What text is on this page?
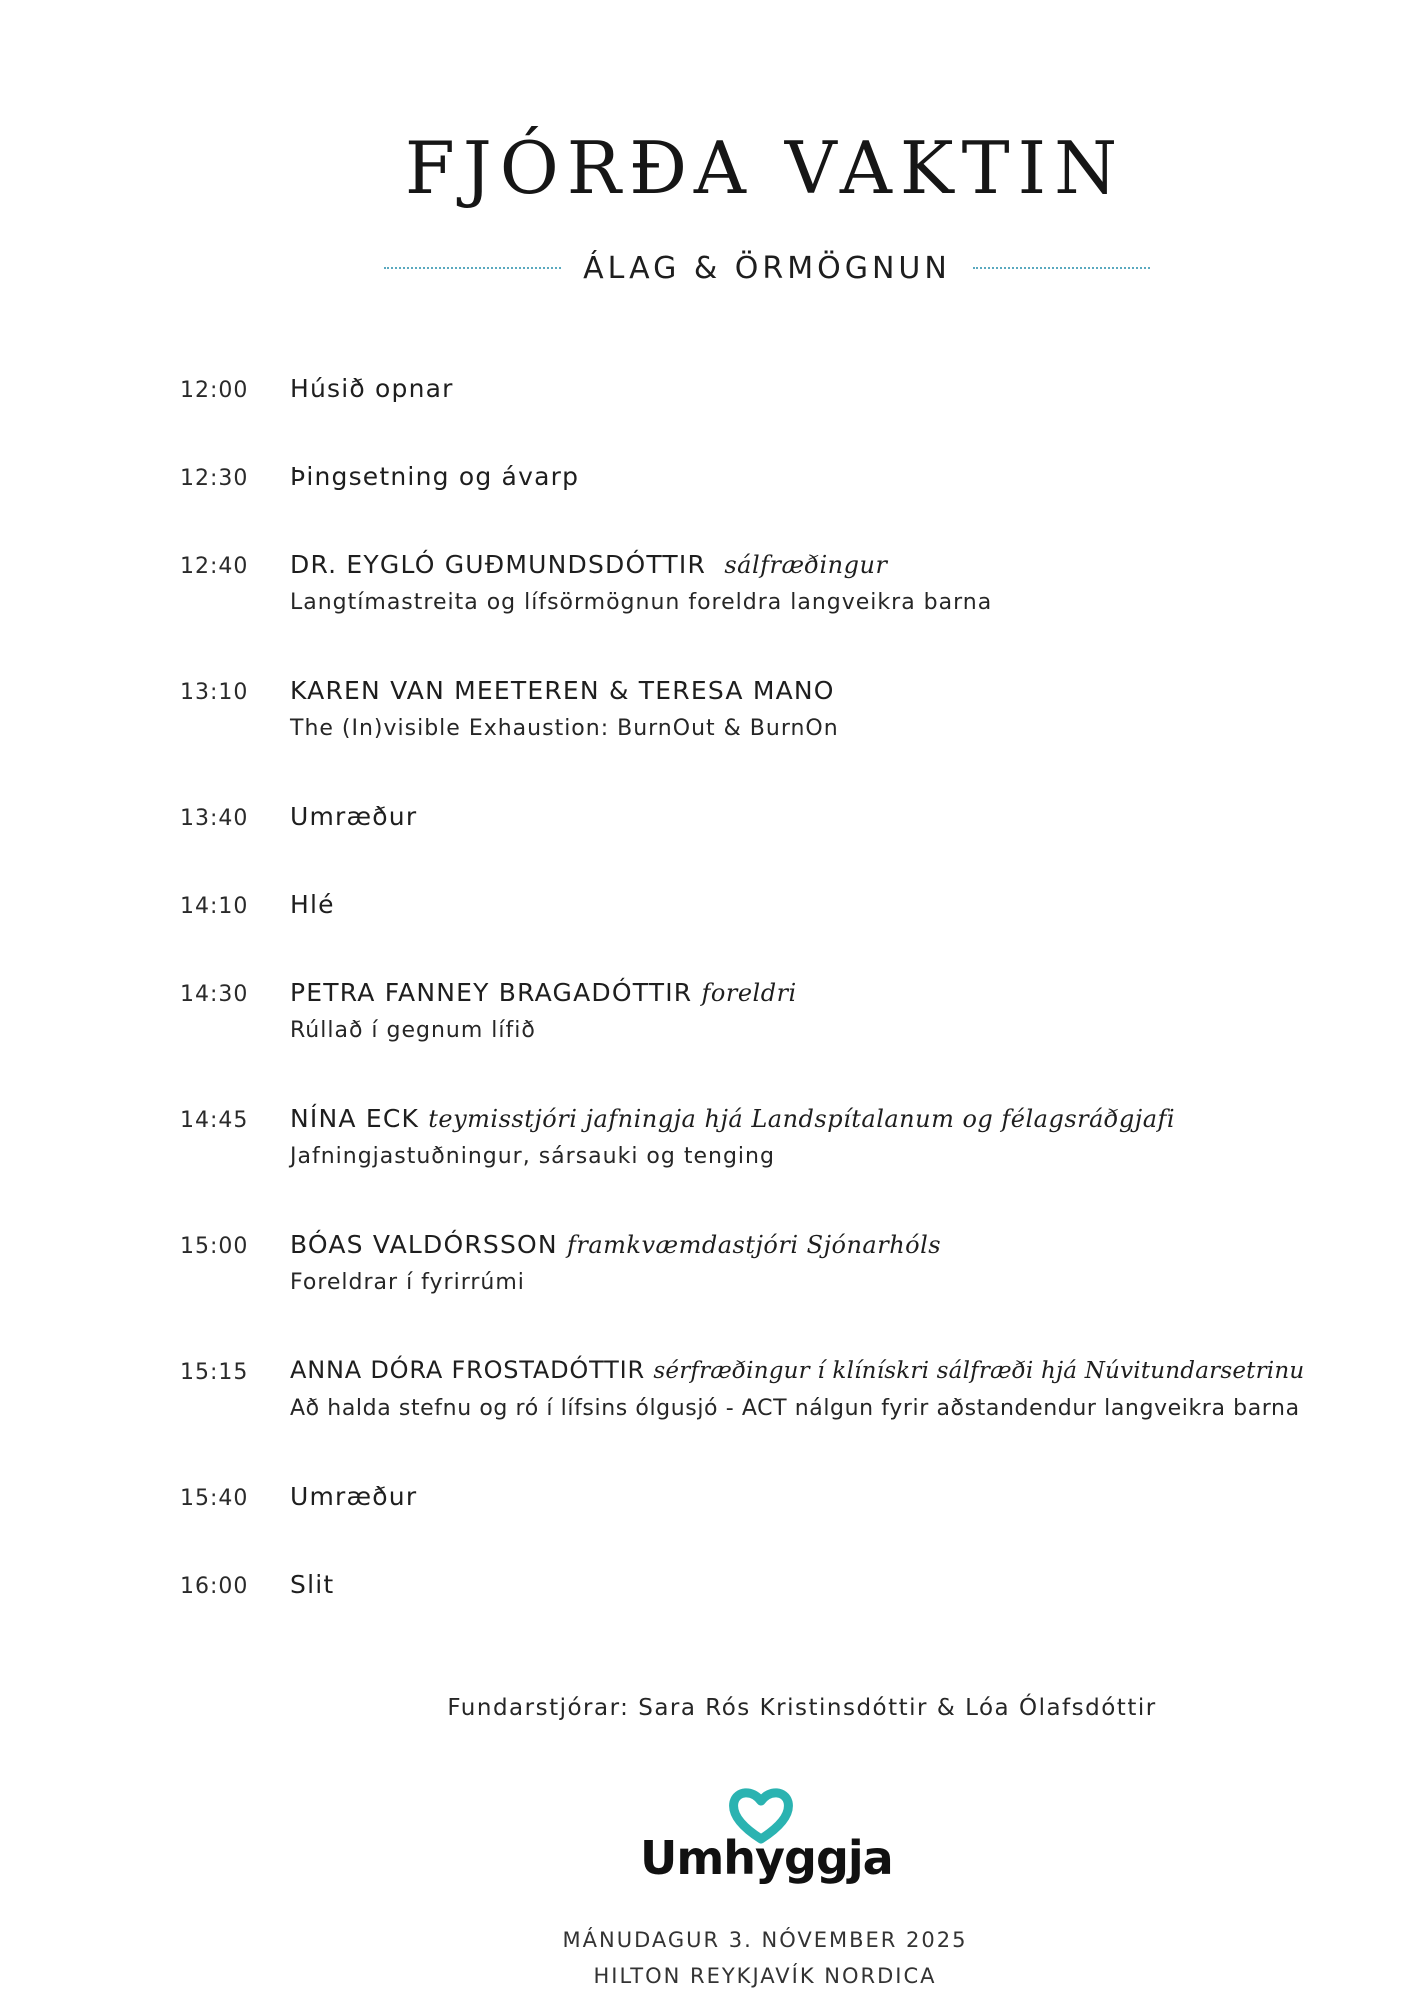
FJÓRÐA VAKTIN
ÁLAG & ÖRMÖGNUN
12:00 Húsið opnar
12:30 Þingsetning og ávarp
12:40 DR. EYGLÓ GUÐMUNDSDÓTTIR sálfræðingur
Langtímastreita og lífsörmögnun foreldra langveikra barna
13:10 KAREN VAN MEETEREN & TERESA MANO
The (In)visible Exhaustion: BurnOut & BurnOn
13:40 Umræður
14:10 Hlé
14:30 PETRA FANNEY BRAGADÓTTIR foreldri
Rúllað í gegnum lífið
14:45 NÍNA ECK teymisstjóri jafningja hjá Landspítalanum og félagsráðgjafi
Jafningjastuðningur, sársauki og tenging
15:00 BÓAS VALDÓRSSON framkvæmdastjóri Sjónarhóls
Foreldrar í fyrirrúmi
15:15 ANNA DÓRA FROSTADÓTTIR sérfræðingur í klínískri sálfræði hjá Núvitundarsetrinu
Að halda stefnu og ró í lífsins ólgusjó - ACT nálgun fyrir aðstandendur langveikra barna
15:40 Umræður
16:00 Slit
Fundarstjórar: Sara Rós Kristinsdóttir & Lóa Ólafsdóttir
Umhyggja
MÁNUDAGUR 3. NÓVEMBER 2025
HILTON REYKJAVÍK NORDICA
